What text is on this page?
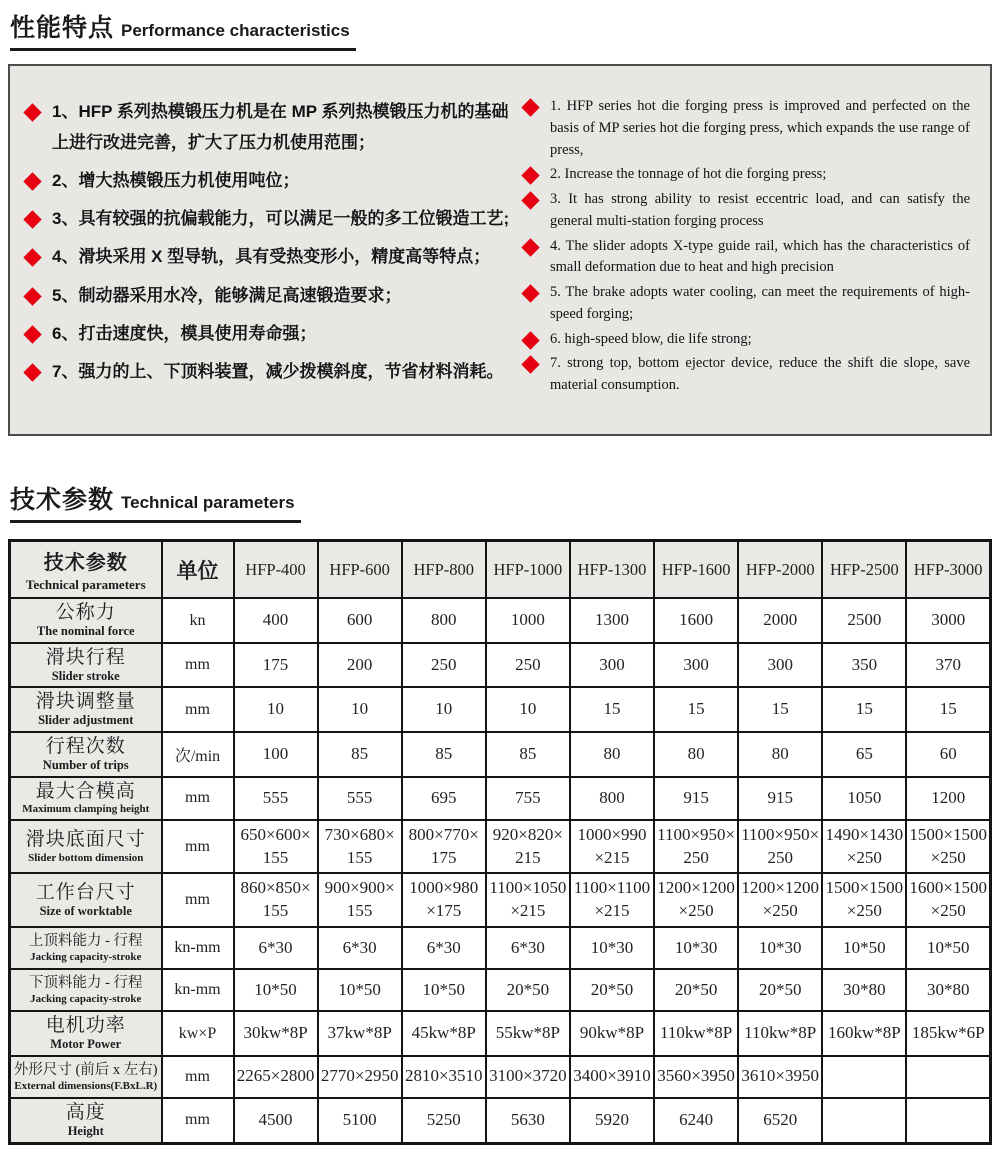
性能特点 Performance characteristics
1、HFP 系列热模锻压力机是在 MP 系列热模锻压力机的基础上进行改进完善，扩大了压力机使用范围；
2、增大热模锻压力机使用吨位；
3、具有较强的抗偏载能力，可以满足一般的多工位锻造工艺;
4、滑块采用 X 型导轨，具有受热变形小，精度高等特点；
5、制动器采用水冷，能够满足高速锻造要求；
6、打击速度快，模具使用寿命强；
7、强力的上、下顶料装置，减少拨模斜度，节省材料消耗。
1. HFP series hot die forging press is improved and perfected on the basis of MP series hot die forging press, which expands the use range of press,
2. Increase the tonnage of hot die forging press;
3. It has strong ability to resist eccentric load, and can satisfy the general multi-station forging process
4. The slider adopts X-type guide rail, which has the characteristics of small deformation due to heat and high precision
5. The brake adopts water cooling, can meet the requirements of high-speed forging;
6. high-speed blow, die life strong;
7. strong top, bottom ejector device, reduce the shift die slope, save material consumption.
技术参数 Technical parameters
技术参数
Technical parameters	单位	HFP-400	HFP-600	HFP-800	HFP-1000	HFP-1300	HFP-1600	HFP-2000	HFP-2500	HFP-3000

公称力
The nominal force	kn	400	600	800	1000	1300	1600	2000	2500	3000

滑块行程
Slider stroke	mm	175	200	250	250	300	300	300	350	370

滑块调整量
Slider adjustment	mm	10	10	10	10	15	15	15	15	15

行程次数
Number of trips	次/min	100	85	85	85	80	80	80	65	60

最大合模高
Maximum clamping height	mm	555	555	695	755	800	915	915	1050	1200

滑块底面尺寸
Slider bottom dimension	mm	650×600×155	730×680×155	800×770×175	920×820×215	1000×990×215	1100×950×250	1100×950×250	1490×1430×250	1500×1500×250

工作台尺寸
Size of worktable	mm	860×850×155	900×900×155	1000×980×175	1100×1050×215	1100×1100×215	1200×1200×250	1200×1200×250	1500×1500×250	1600×1500×250

上顶料能力 - 行程
Jacking capacity-stroke	kn-mm	6*30	6*30	6*30	6*30	10*30	10*30	10*30	10*50	10*50

下顶料能力 - 行程
Jacking capacity-stroke	kn-mm	10*50	10*50	10*50	20*50	20*50	20*50	20*50	30*80	30*80

电机功率
Motor Power	kw×P	30kw*8P	37kw*8P	45kw*8P	55kw*8P	90kw*8P	110kw*8P	110kw*8P	160kw*8P	185kw*6P

外形尺寸 (前后 x 左右)
External dimensions(F.BxL.R)	mm	2265×2800	2770×2950	2810×3510	3100×3720	3400×3910	3560×3950	3610×3950		

高度
Height	mm	4500	5100	5250	5630	5920	6240	6520		
